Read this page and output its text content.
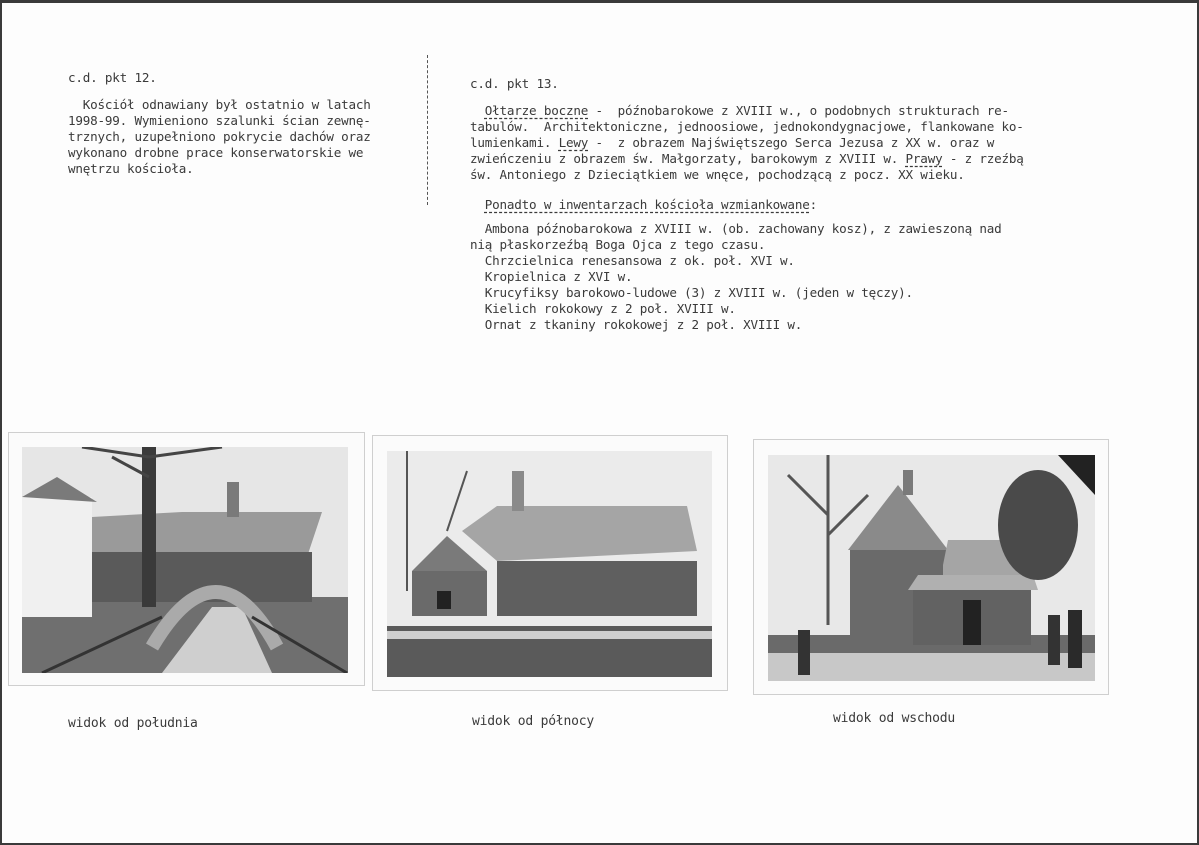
c.d. pkt 12.
Kościół odnawiany był ostatnio w latach
1998-99. Wymieniono szalunki ścian zewnę-
trznych, uzupełniono pokrycie dachów oraz
wykonano drobne prace konserwatorskie we
wnętrzu kościoła.
c.d. pkt 13.
Ołtarze boczne -  późnobarokowe z XVIII w., o podobnych strukturach re-
tabulów.  Architektoniczne, jednoosiowe, jednokondygnacjowe, flankowane ko-
lumienkami. Lewy -  z obrazem Najświętszego Serca Jezusa z XX w. oraz w
zwieńczeniu z obrazem św. Małgorzaty, barokowym z XVIII w. Prawy - z rzeźbą
św. Antoniego z Dzieciątkiem we wnęce, pochodzącą z pocz. XX wieku.
Ponadto w inwentarzach kościoła wzmiankowane:
Ambona późnobarokowa z XVIII w. (ob. zachowany kosz), z zawieszoną nad
nią płaskorzeźbą Boga Ojca z tego czasu.
Chrzcielnica renesansowa z ok. poł. XVI w.
Kropielnica z XVI w.
Krucyfiksy barokowo-ludowe (3) z XVIII w. (jeden w tęczy).
Kielich rokokowy z 2 poł. XVIII w.
Ornat z tkaniny rokokowej z 2 poł. XVIII w.
widok od południa	widok od północy	widok od wschodu
